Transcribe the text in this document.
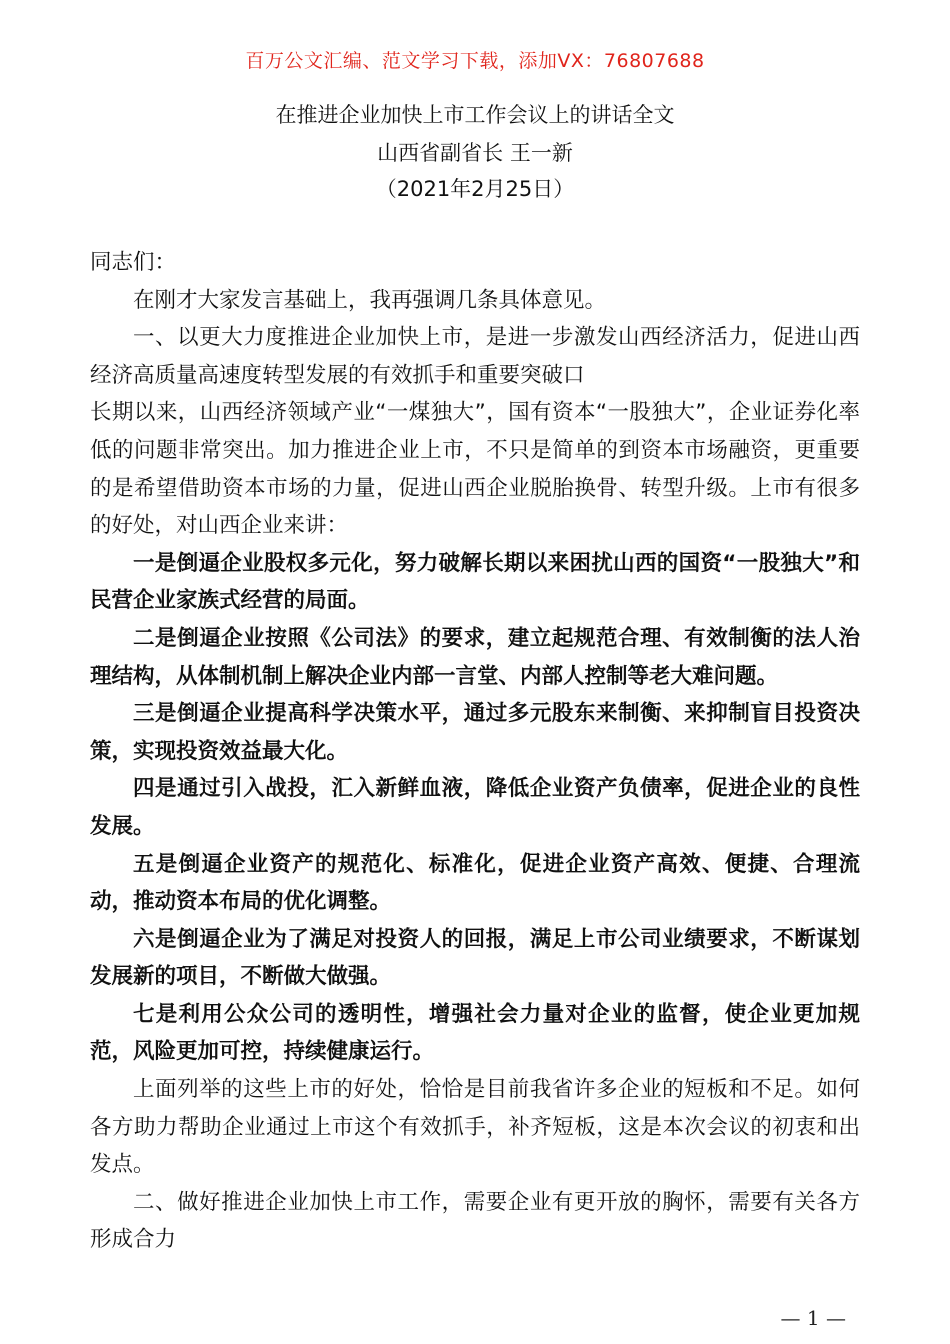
百万公文汇编、范文学习下载，添加VX：76807688
在推进企业加快上市工作会议上的讲话全文
山西省副省长 王一新
（2021年2月25日）

同志们：

在刚才大家发言基础上，我再强调几条具体意见。

一、以更大力度推进企业加快上市，是进一步激发山西经济活力，促进山西经济高质量高速度转型发展的有效抓手和重要突破口

长期以来，山西经济领域产业“一煤独大”，国有资本“一股独大”，企业证券化率低的问题非常突出。加力推进企业上市，不只是简单的到资本市场融资，更重要的是希望借助资本市场的力量，促进山西企业脱胎换骨、转型升级。上市有很多的好处，对山西企业来讲：

一是倒逼企业股权多元化，努力破解长期以来困扰山西的国资“一股独大”和民营企业家族式经营的局面。

二是倒逼企业按照《公司法》的要求，建立起规范合理、有效制衡的法人治理结构，从体制机制上解决企业内部一言堂、内部人控制等老大难问题。

三是倒逼企业提高科学决策水平，通过多元股东来制衡、来抑制盲目投资决策，实现投资效益最大化。

四是通过引入战投，汇入新鲜血液，降低企业资产负债率，促进企业的良性发展。

五是倒逼企业资产的规范化、标准化，促进企业资产高效、便捷、合理流动，推动资本布局的优化调整。

六是倒逼企业为了满足对投资人的回报，满足上市公司业绩要求，不断谋划发展新的项目，不断做大做强。

七是利用公众公司的透明性，增强社会力量对企业的监督，使企业更加规范，风险更加可控，持续健康运行。

上面列举的这些上市的好处，恰恰是目前我省许多企业的短板和不足。如何各方助力帮助企业通过上市这个有效抓手，补齐短板，这是本次会议的初衷和出发点。

二、做好推进企业加快上市工作，需要企业有更开放的胸怀，需要有关各方形成合力

— 1 —
